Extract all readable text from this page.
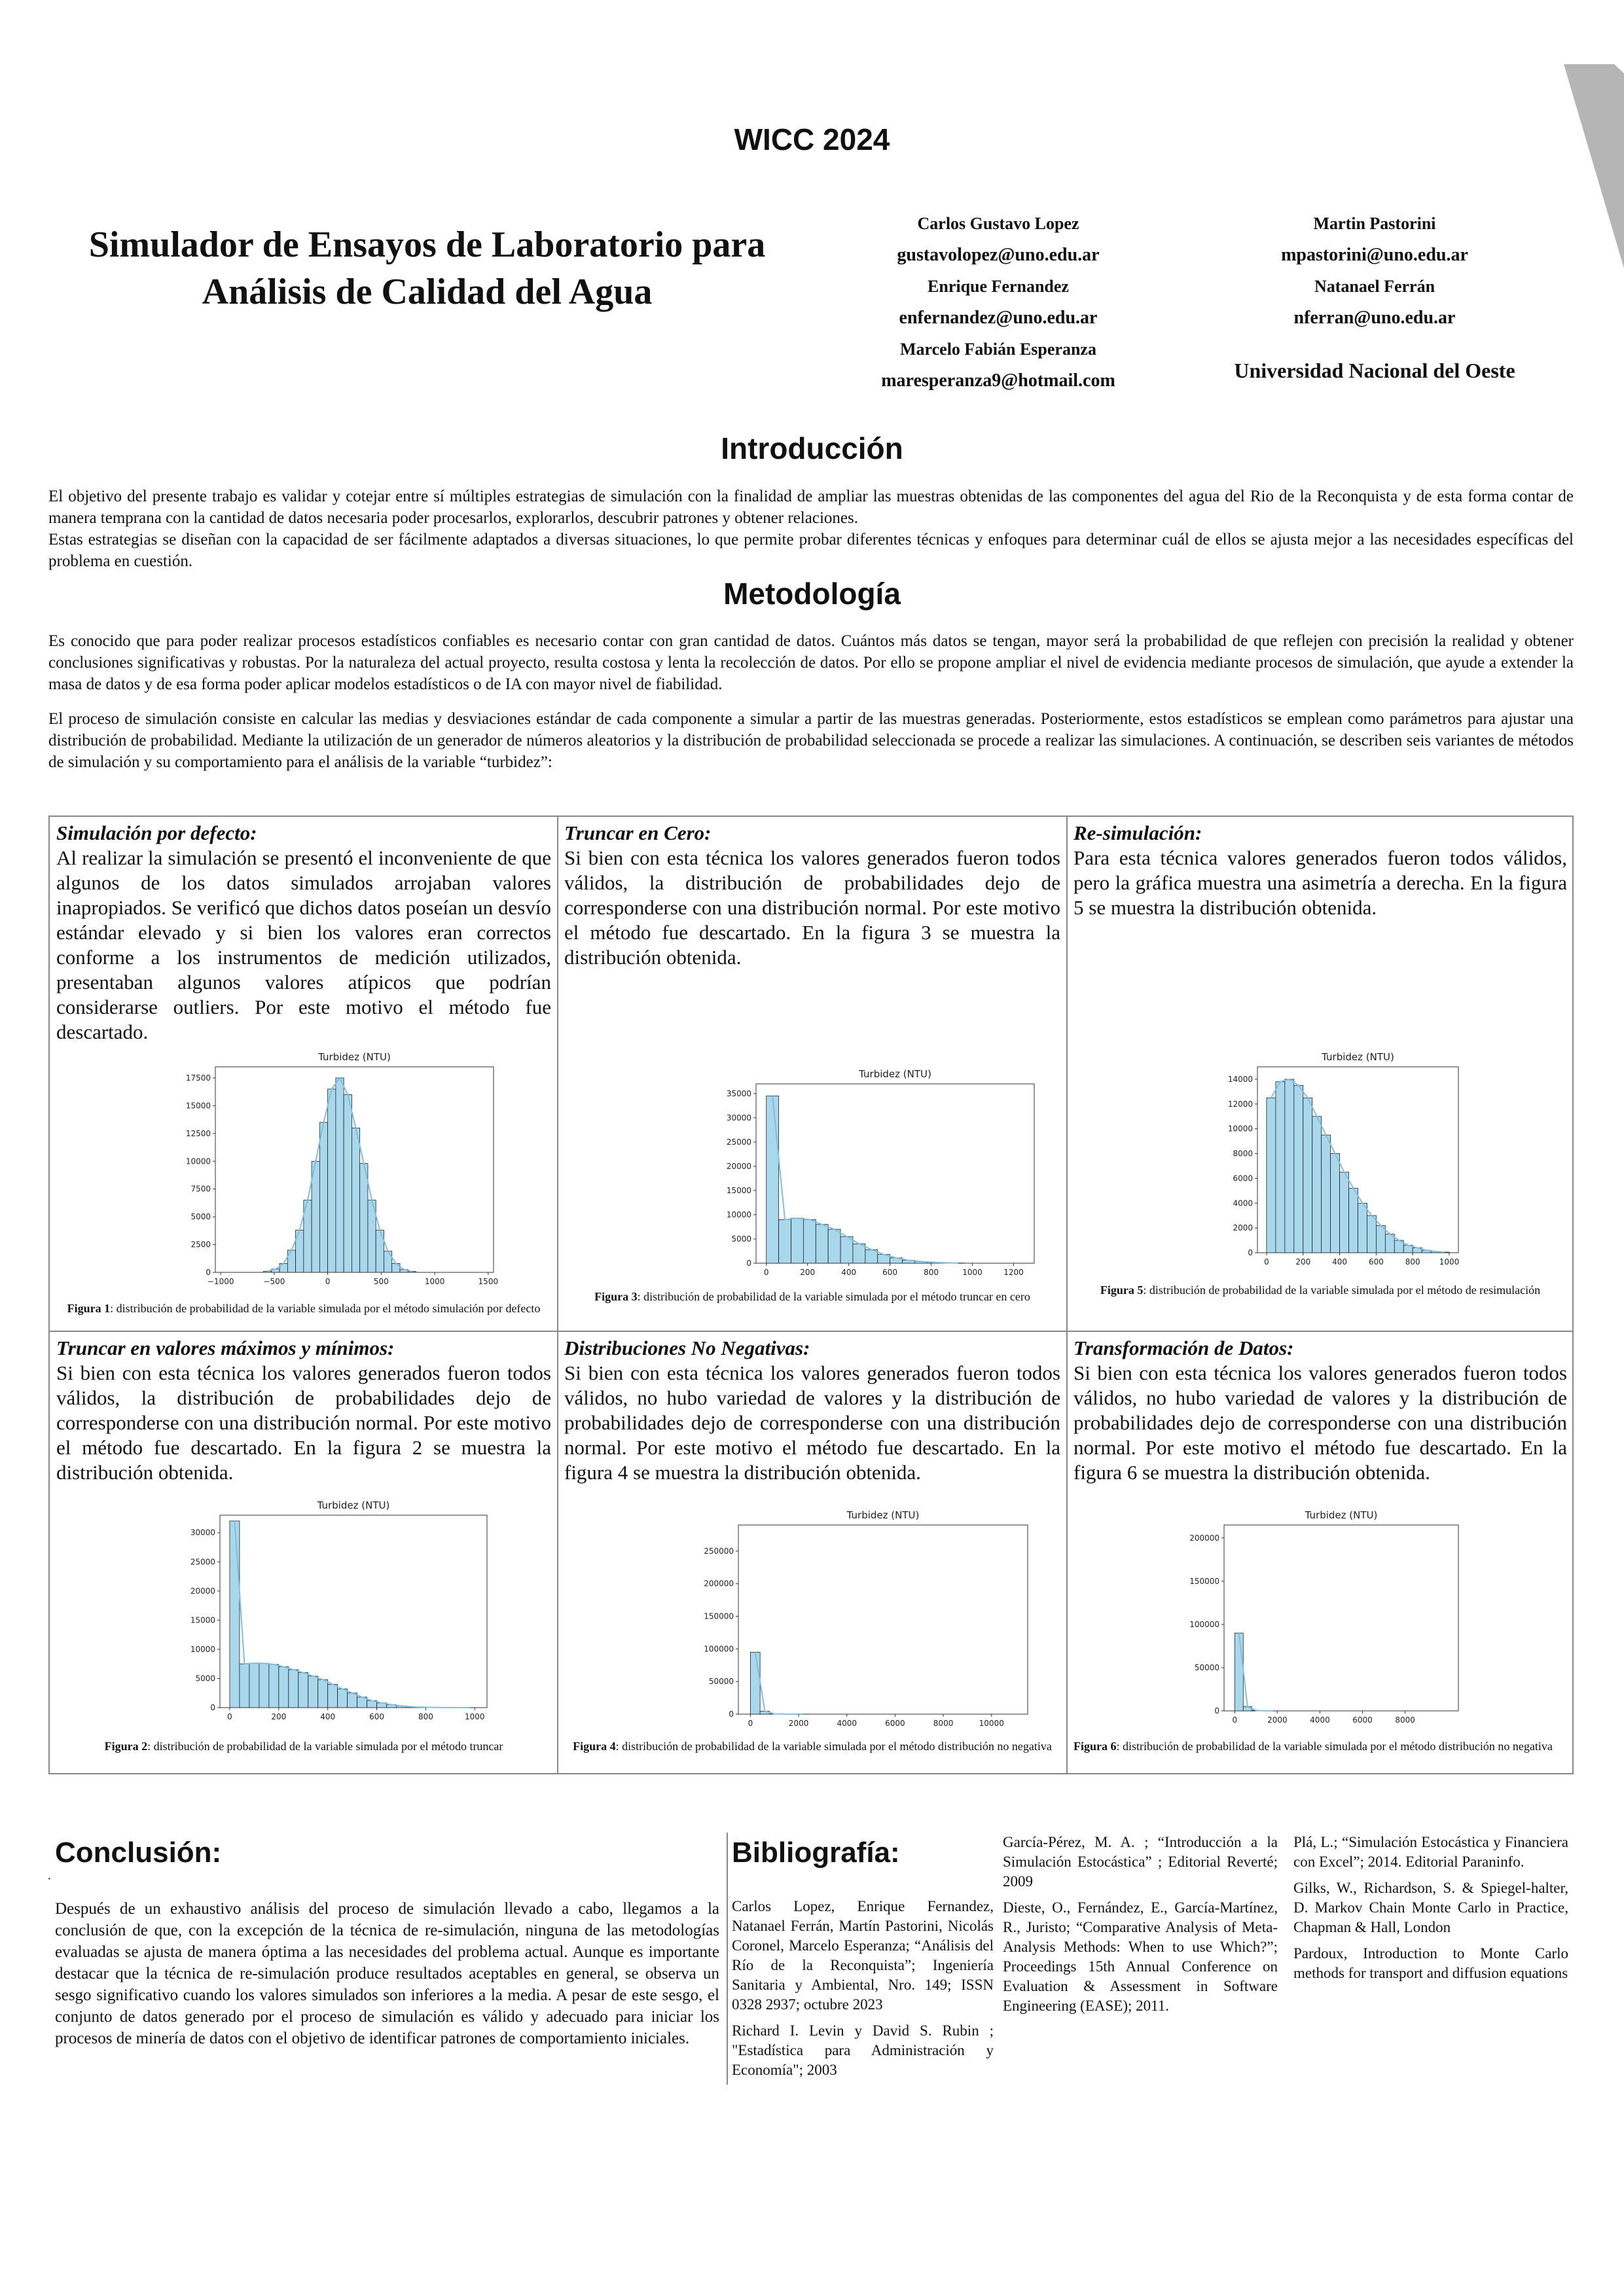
WICC 2024
Simulador de Ensayos de Laboratorio para
Análisis de Calidad del Agua
Carlos Gustavo Lopez
gustavolopez@uno.edu.ar
Enrique Fernandez
enfernandez@uno.edu.ar
Marcelo Fabián Esperanza
maresperanza9@hotmail.com
Martin Pastorini
mpastorini@uno.edu.ar
Natanael Ferrán
nferran@uno.edu.ar
Universidad Nacional del Oeste
Introducción
El objetivo del presente trabajo es validar y cotejar entre sí múltiples estrategias de simulación con la finalidad de ampliar las muestras obtenidas de las componentes del agua del Rio de la Reconquista y de esta forma contar de manera temprana con la cantidad de datos necesaria poder procesarlos, explorarlos, descubrir patrones y obtener relaciones.
Estas estrategias se diseñan con la capacidad de ser fácilmente adaptados a diversas situaciones, lo que permite probar diferentes técnicas y enfoques para determinar cuál de ellos se ajusta mejor a las necesidades específicas del problema en cuestión.
Metodología
Es conocido que para poder realizar procesos estadísticos confiables es necesario contar con gran cantidad de datos. Cuántos más datos se tengan, mayor será la probabilidad de que reflejen con precisión la realidad y obtener conclusiones significativas y robustas. Por la naturaleza del actual proyecto, resulta costosa y lenta la recolección de datos. Por ello se propone ampliar el nivel de evidencia mediante procesos de simulación, que ayude a extender la masa de datos y de esa forma poder aplicar modelos estadísticos o de IA con mayor nivel de fiabilidad.
El proceso de simulación consiste en calcular las medias y desviaciones estándar de cada componente a simular a partir de las muestras generadas. Posteriormente, estos estadísticos se emplean como parámetros para ajustar una distribución de probabilidad. Mediante la utilización de un generador de números aleatorios y la distribución de probabilidad seleccionada se procede a realizar las simulaciones. A continuación, se describen seis variantes de métodos de simulación y su comportamiento para el análisis de la variable “turbidez”:
Simulación por defecto:
Al realizar la simulación se presentó el inconveniente de que algunos de los datos simulados arrojaban valores inapropiados. Se verificó que dichos datos poseían un desvío estándar elevado y si bien los valores eran correctos conforme a los instrumentos de medición utilizados, presentaban algunos valores atípicos que podrían considerarse outliers. Por este motivo el método fue descartado.
Turbidez (NTU)
−1000	−500	0	500	1000	1500
0
2500
5000
7500
10000
12500
15000
17500
Figura 1: distribución de probabilidad de la variable simulada por el método simulación por defecto
Truncar en Cero:
Si bien con esta técnica los valores generados fueron todos válidos, la distribución de probabilidades dejo de corresponderse con una distribución normal. Por este motivo el método fue descartado. En la figura 3 se muestra la distribución obtenida.
Turbidez (NTU)
0	200	400	600	800	1000	1200
0
5000
10000
15000
20000
25000
30000
35000
Figura 3: distribución de probabilidad de la variable simulada por el método truncar en cero
Re-simulación:
Para esta técnica valores generados fueron todos válidos, pero la gráfica muestra una asimetría a derecha. En la figura 5 se muestra la distribución obtenida.
Turbidez (NTU)
0	200	400	600	800 1000
0
2000
4000
6000
8000
10000
12000
14000
Figura 5: distribución de probabilidad de la variable simulada por el método de resimulación
Truncar en valores máximos y mínimos:
Si bien con esta técnica los valores generados fueron todos válidos, la distribución de probabilidades dejo de corresponderse con una distribución normal. Por este motivo el método fue descartado. En la figura 2 se muestra la distribución obtenida.
Turbidez (NTU)
0	200	400	600	800	1000
0
5000
10000
15000
20000
25000
30000
Figura 2: distribución de probabilidad de la variable simulada por el método truncar
Distribuciones No Negativas:
Si bien con esta técnica los valores generados fueron todos válidos, no hubo variedad de valores y la distribución de probabilidades dejo de corresponderse con una distribución normal. Por este motivo el método fue descartado. En la figura 4 se muestra la distribución obtenida.
Turbidez (NTU)
0	2000	4000	6000	8000	10000
0
50000
100000
150000
200000
250000
Figura 4: distribución de probabilidad de la variable simulada por el método distribución no negativa
Transformación de Datos:
Si bien con esta técnica los valores generados fueron todos válidos, no hubo variedad de valores y la distribución de probabilidades dejo de corresponderse con una distribución normal. Por este motivo el método fue descartado. En la figura 6 se muestra la distribución obtenida.
Turbidez (NTU)
0	2000	4000	6000	8000
0
50000
100000
150000
200000
Figura 6: distribución de probabilidad de la variable simulada por el método distribución no negativa
·
Conclusión:
Después de un exhaustivo análisis del proceso de simulación llevado a cabo, llegamos a la conclusión de que, con la excepción de la técnica de re-simulación, ninguna de las metodologías evaluadas se ajusta de manera óptima a las necesidades del problema actual. Aunque es importante destacar que la técnica de re-simulación produce resultados aceptables en general, se observa un sesgo significativo cuando los valores simulados son inferiores a la media. A pesar de este sesgo, el conjunto de datos generado por el proceso de simulación es válido y adecuado para iniciar los procesos de minería de datos con el objetivo de identificar patrones de comportamiento iniciales.
Bibliografía:

Carlos Lopez, Enrique Fernandez, Natanael Ferrán, Martín Pastorini, Nicolás Coronel, Marcelo Esperanza; “Análisis del Río de la Reconquista”; Ingeniería Sanitaria y Ambiental, Nro. 149; ISSN 0328 2937; octubre 2023

Richard I. Levin y David S. Rubin ; "Estadística para Administración y Economía"; 2003

García-Pérez, M. A. ; “Introducción a la Simulación Estocástica” ; Editorial Reverté; 2009

Dieste, O., Fernández, E., García-Martínez, R., Juristo; “Comparative Analysis of Meta-Analysis Methods: When to use Which?”; Proceedings 15th Annual Conference on Evaluation & Assessment in Software Engineering (EASE); 2011.

Plá, L.; “Simulación Estocástica y Financiera con Excel”; 2014. Editorial Paraninfo.

Gilks, W., Richardson, S. & Spiegel-halter, D. Markov Chain Monte Carlo in Practice, Chapman & Hall, London

Pardoux, Introduction to Monte Carlo methods for transport and diffusion equations
